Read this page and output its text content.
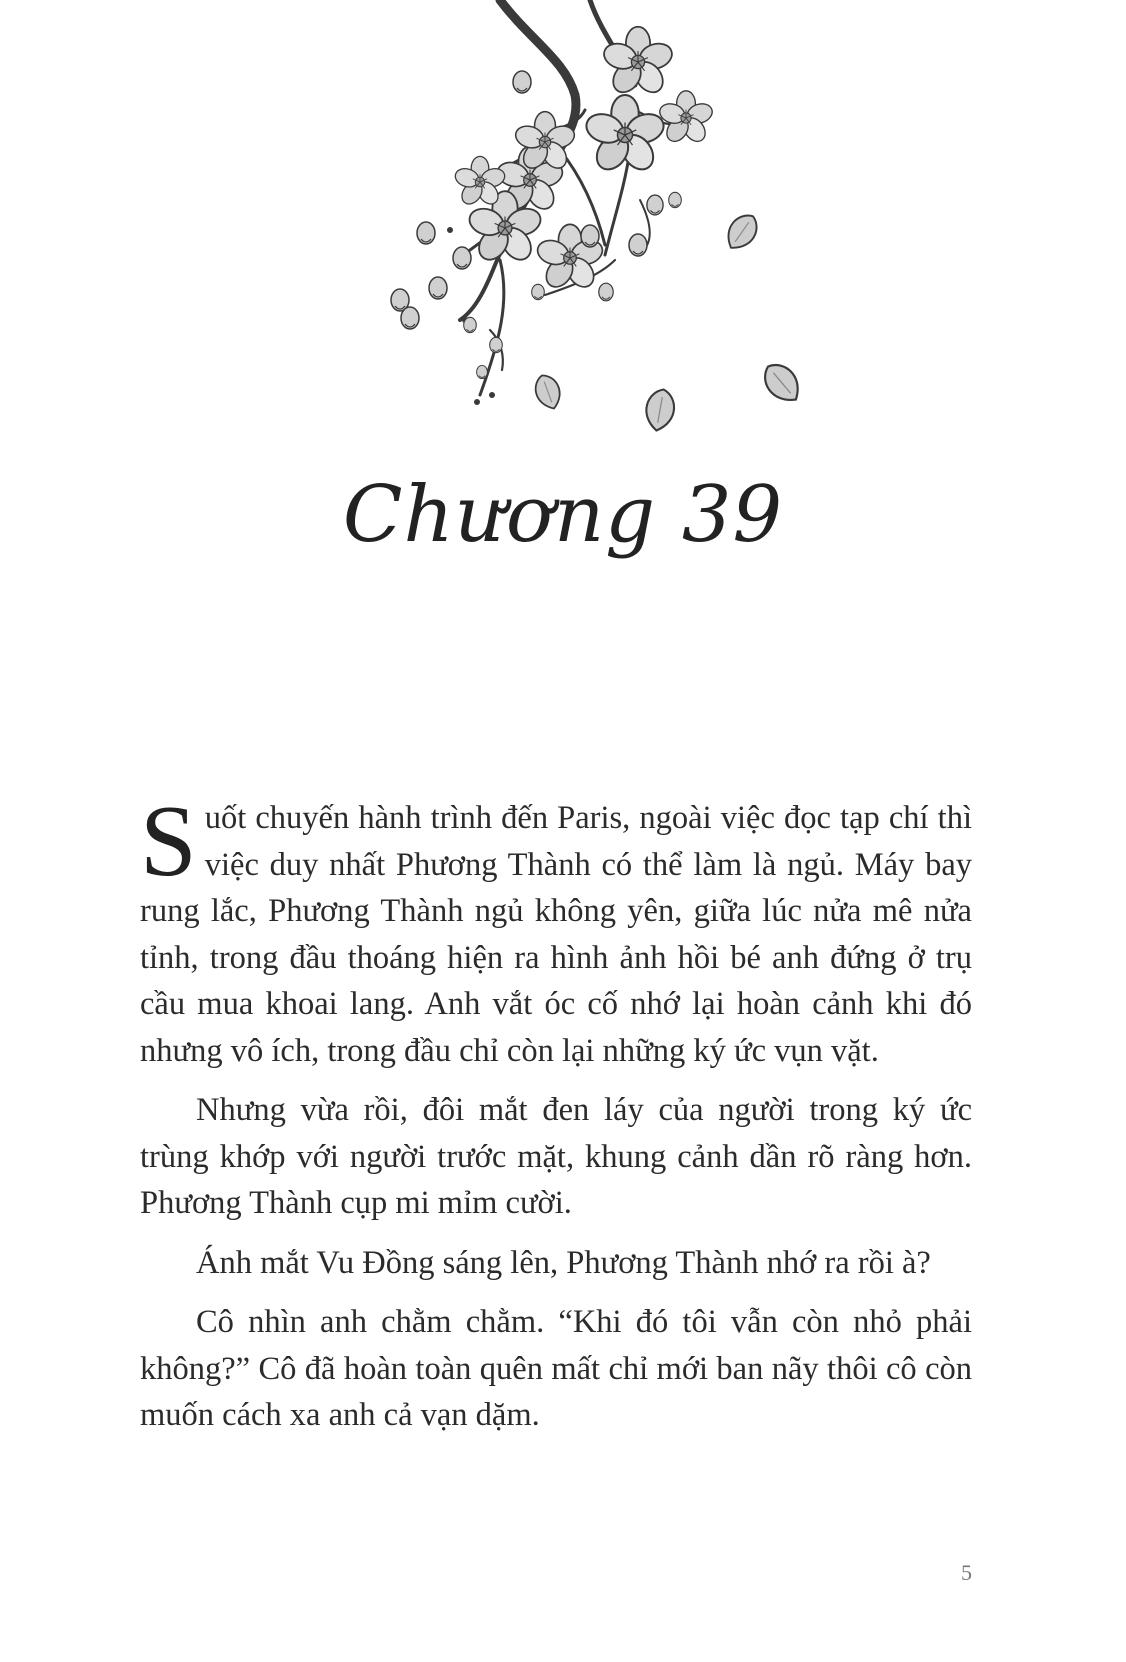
Chương 39

Suốt chuyến hành trình đến Paris, ngoài việc đọc tạp chí thì việc duy nhất Phương Thành có thể làm là ngủ. Máy bay rung lắc, Phương Thành ngủ không yên, giữa lúc nửa mê nửa tỉnh, trong đầu thoáng hiện ra hình ảnh hồi bé anh đứng ở trụ cầu mua khoai lang. Anh vắt óc cố nhớ lại hoàn cảnh khi đó nhưng vô ích, trong đầu chỉ còn lại những ký ức vụn vặt.

Nhưng vừa rồi, đôi mắt đen láy của người trong ký ức trùng khớp với người trước mặt, khung cảnh dần rõ ràng hơn. Phương Thành cụp mi mỉm cười.

Ánh mắt Vu Đồng sáng lên, Phương Thành nhớ ra rồi à?

Cô nhìn anh chằm chằm. “Khi đó tôi vẫn còn nhỏ phải không?” Cô đã hoàn toàn quên mất chỉ mới ban nãy thôi cô còn muốn cách xa anh cả vạn dặm.

5
